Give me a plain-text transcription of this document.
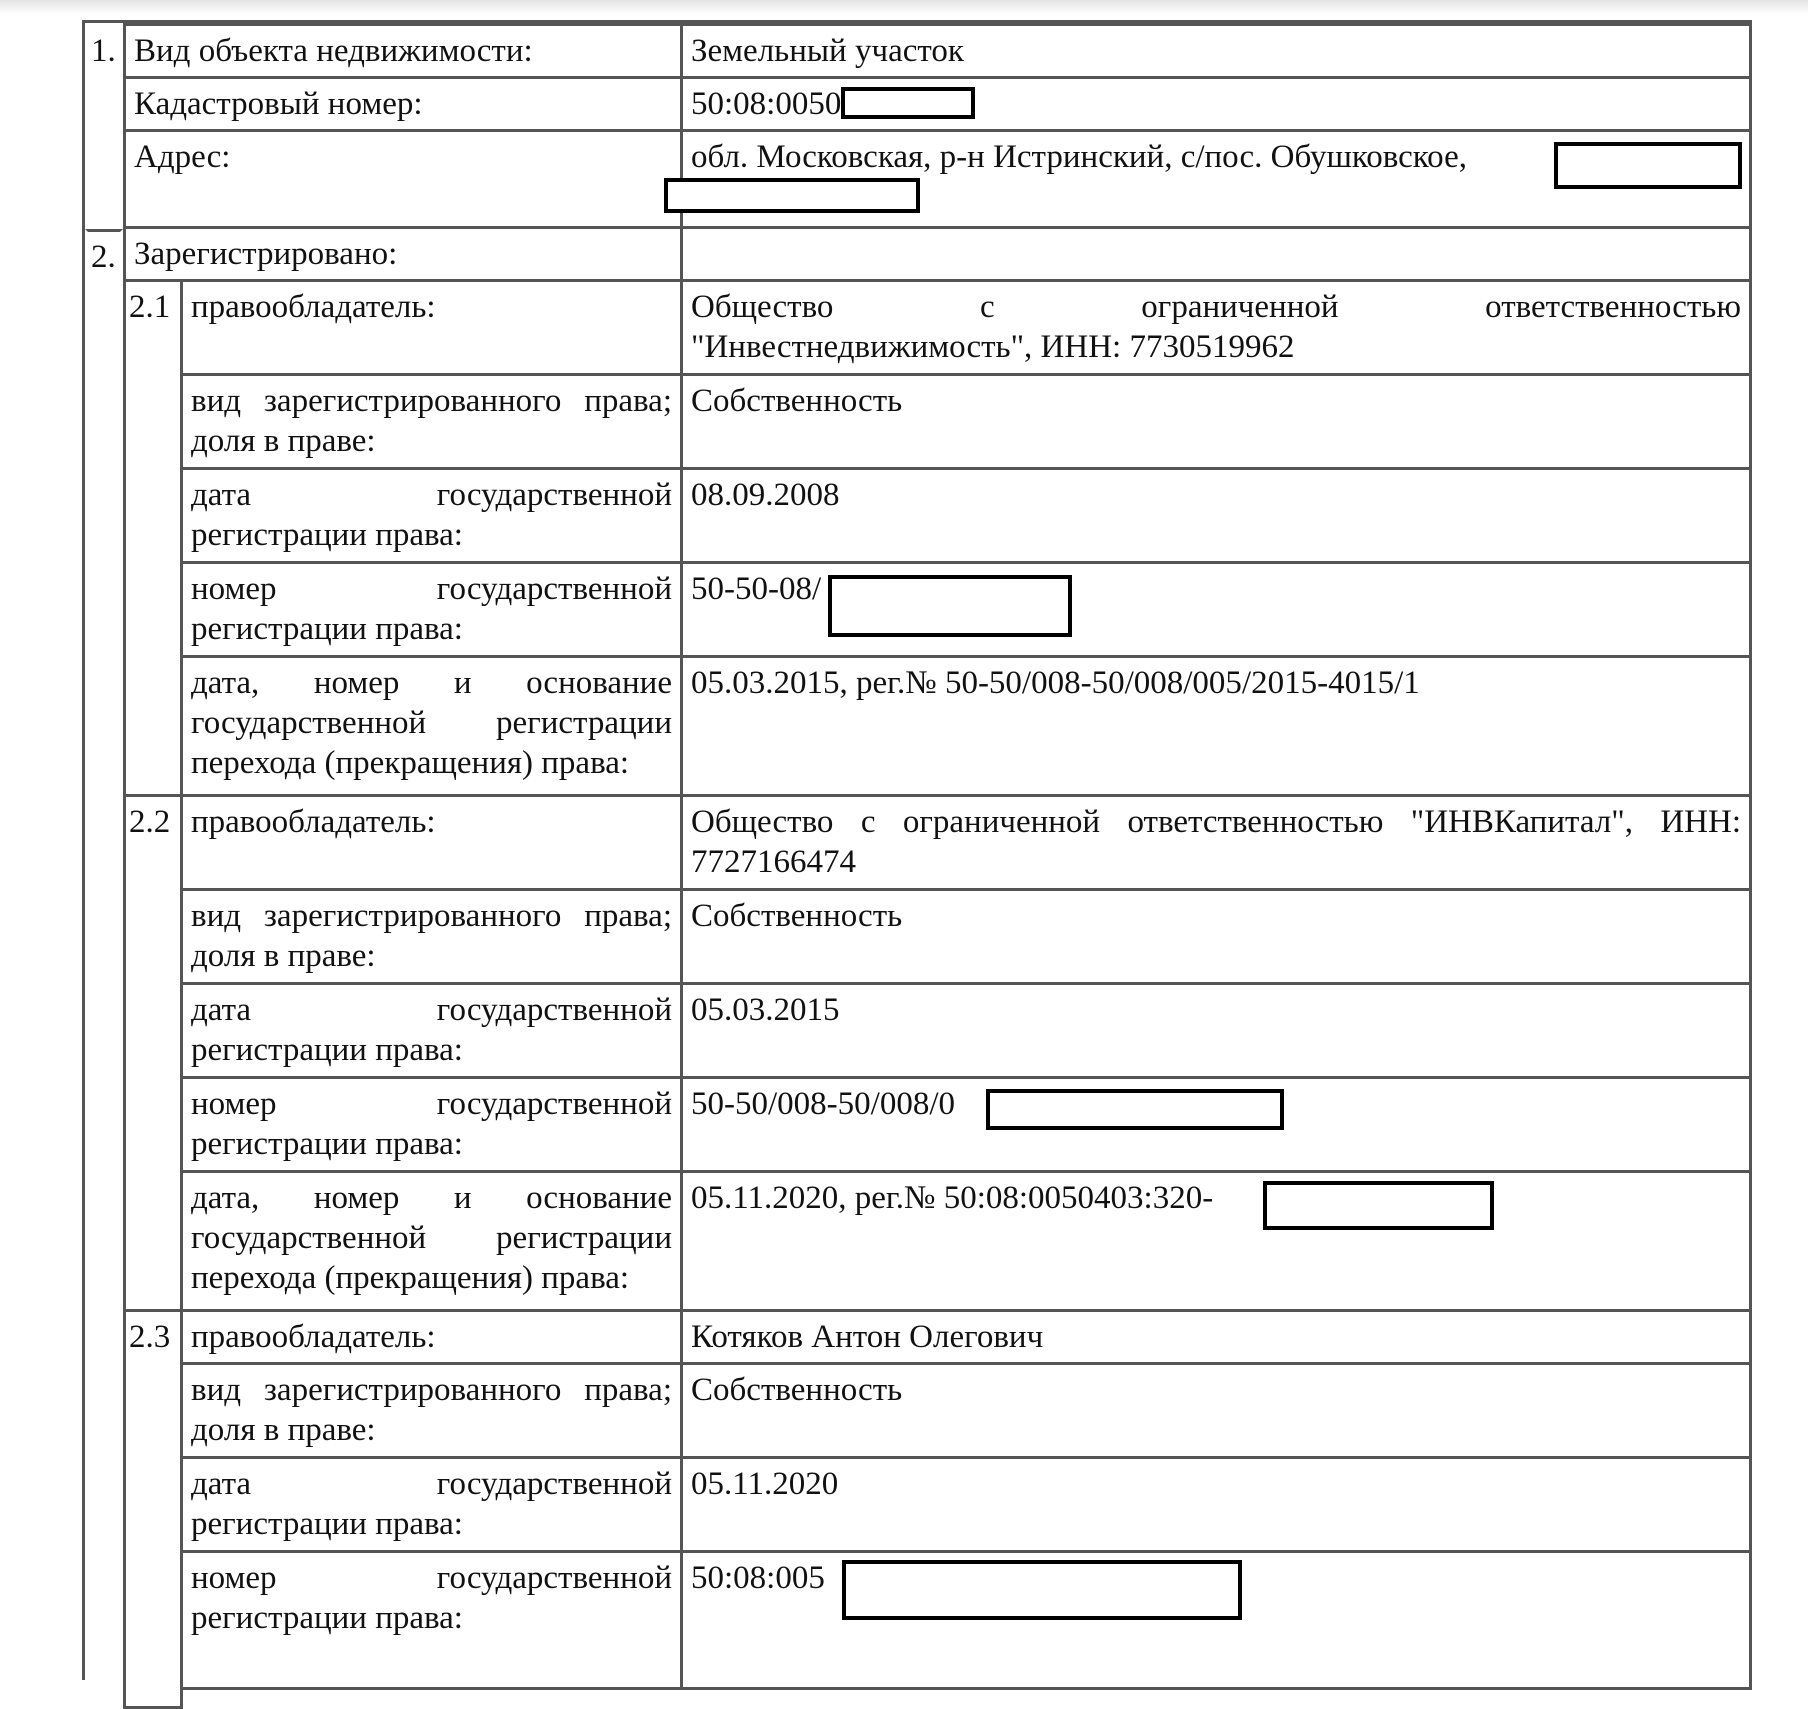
1. Вид объекта недвижимости:	Земельный участок
Кадастровый номер:	50:08:0050
Адрес:	обл. Московская, р-н Истринский, с/пос. Обушковское,
2. Зарегистрировано:
2.1 правообладатель:	Общество с ограниченной ответственностью
"Инвестнедвижимость", ИНН: 7730519962
вид зарегистрированного права; доля в праве:
Собственность
дата государственной регистрации права:
08.09.2008
номер государственной регистрации права:
50-50-08/
дата, номер и основание государственной регистрации перехода (прекращения) права:
05.03.2015, рег.№ 50-50/008-50/008/005/2015-4015/1
2.2 правообладатель:	Общество с ограниченной ответственностью "ИНВКапитал", ИНН:
7727166474
вид зарегистрированного права; доля в праве:
Собственность
дата государственной регистрации права:
05.03.2015
номер государственной регистрации права:
50-50/008-50/008/0
дата, номер и основание государственной регистрации перехода (прекращения) права:
05.11.2020, рег.№ 50:08:0050403:320-
2.3 правообладатель:	Котяков Антон Олегович
вид зарегистрированного права; доля в праве:
Собственность
дата государственной регистрации права:
05.11.2020
номер государственной регистрации права:
50:08:005
